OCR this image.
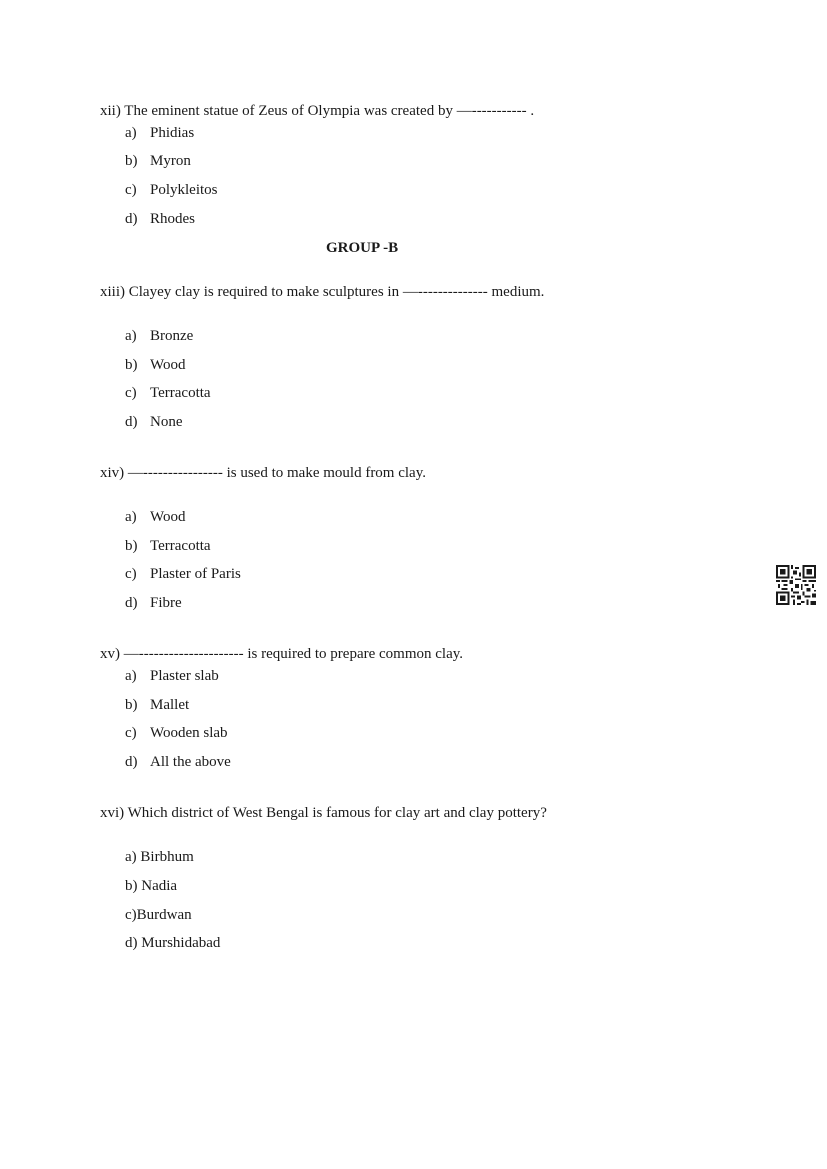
xii) The eminent statue of Zeus of Olympia was created by —----------- .
a) Phidias
b) Myron
c) Polykleitos
d) Rhodes
GROUP -B
xiii) Clayey clay is required to make sculptures in —-------------- medium.
a) Bronze
b) Wood
c) Terracotta
d) None
xiv) —---------------- is used to make mould from clay.
a) Wood
b) Terracotta
c) Plaster of Paris
d) Fibre
xv) —--------------------- is required to prepare common clay.
a) Plaster slab
b) Mallet
c) Wooden slab
d) All the above
xvi) Which district of West Bengal is famous for clay art and clay pottery?
a) Birbhum
b) Nadia
c)Burdwan
d) Murshidabad
